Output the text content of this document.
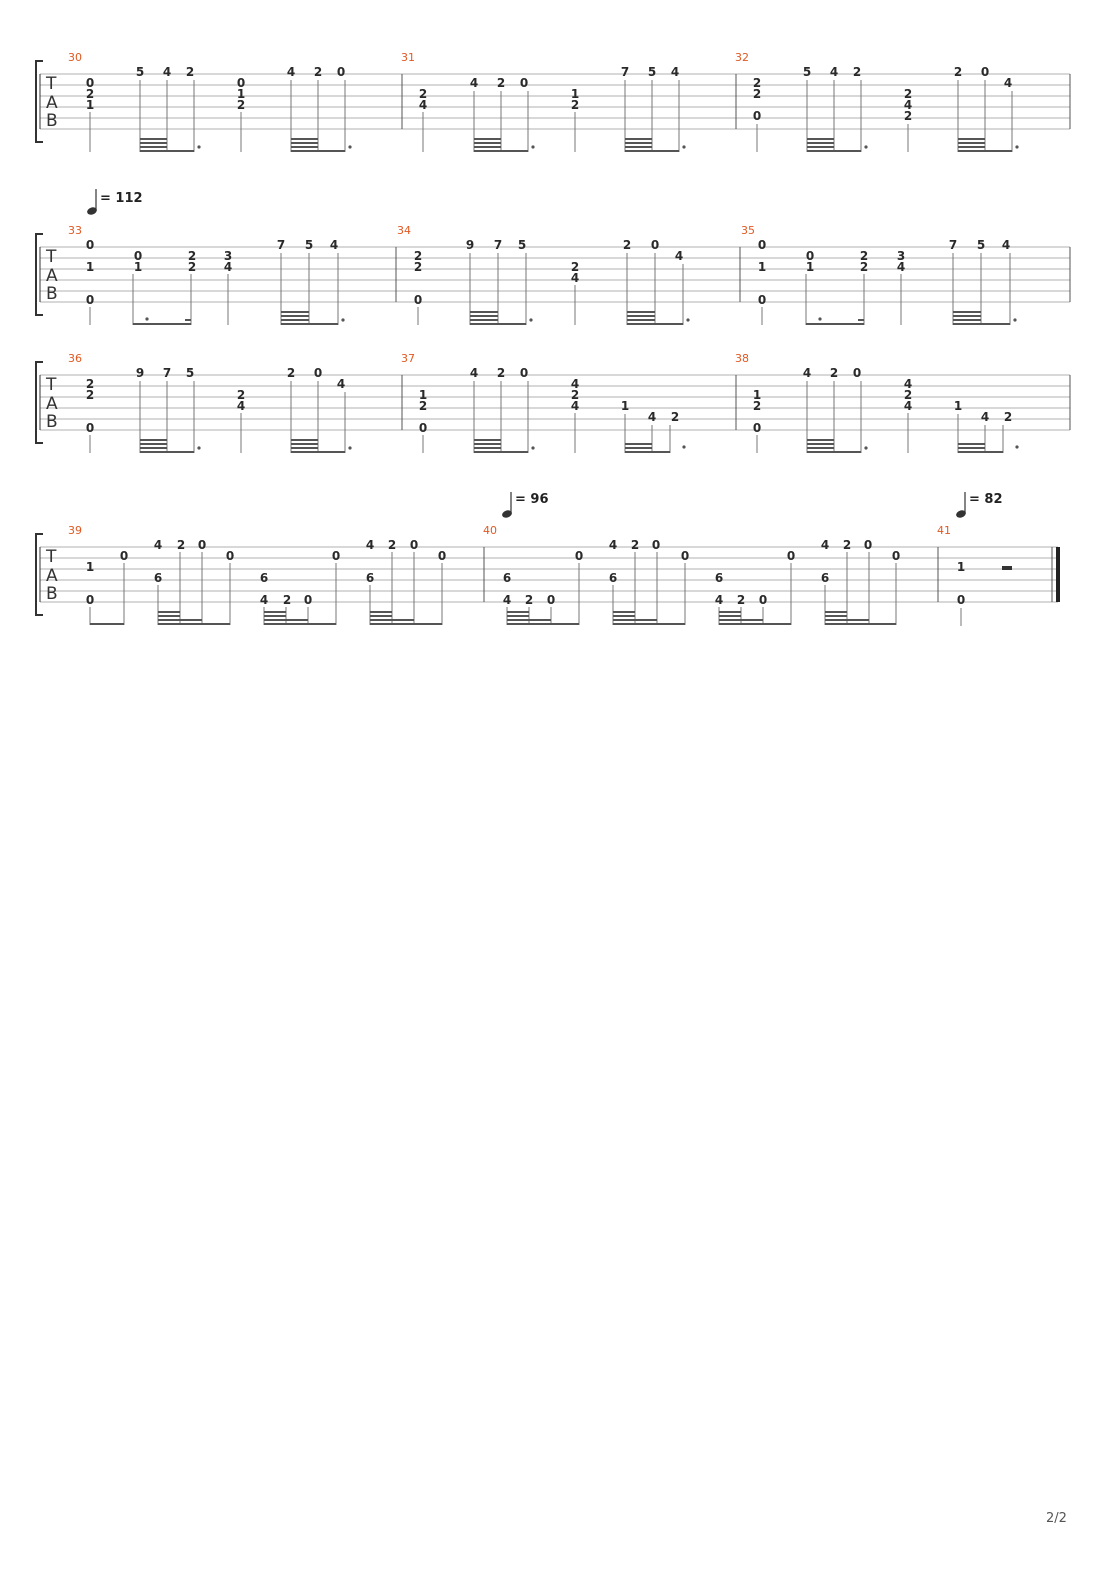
T
A
B
30	31	32
0
2
1
5 4 2
0
1
2
4 2 0
2
4
4 2 0
1
2
7 5 4
2
2
0
5 4 2
2
4
2
2 0
4
= 112
T
A
B
33	34	35
0
1
0
0
1	2
2 3
4
7 5 4
2
2
0
9 7 5
2
4
2 0
4
0
1
0
0
1	2
2 3
4
7 5 4
T
A
B
36	37	38
2
2
0
9 7 5
2
4
2 0
4
1
2
0
4 2 0
4
2
4	1
4 2
1
2
0
4 2 0
4
2
4	1
4 2
= 96	= 82
T
A
B
39	40	41
1
0
0
4 2 0
6
0
6
4 2 0
0
4 2 0
6
0
6
4 2 0
0
4 2 0
6
0
6
4 2 0
0
4 2 0
6
0
1
0
2/2
